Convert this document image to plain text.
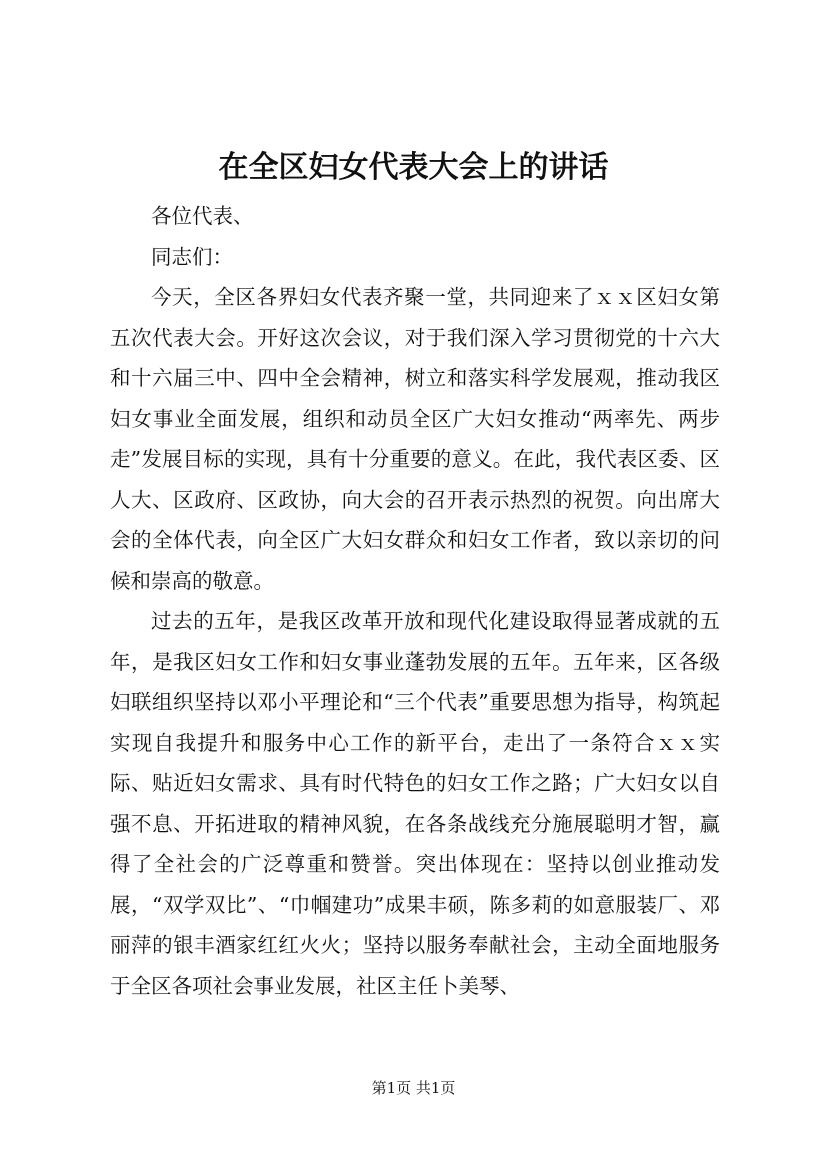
在全区妇女代表大会上的讲话

各位代表、

同志们：

今天，全区各界妇女代表齐聚一堂，共同迎来了ｘｘ区妇女第五次代表大会。开好这次会议，对于我们深入学习贯彻党的十六大和十六届三中、四中全会精神，树立和落实科学发展观，推动我区妇女事业全面发展，组织和动员全区广大妇女推动“两率先、两步走”发展目标的实现，具有十分重要的意义。在此，我代表区委、区人大、区政府、区政协，向大会的召开表示热烈的祝贺。向出席大会的全体代表，向全区广大妇女群众和妇女工作者，致以亲切的问候和崇高的敬意。

过去的五年，是我区改革开放和现代化建设取得显著成就的五年，是我区妇女工作和妇女事业蓬勃发展的五年。五年来，区各级妇联组织坚持以邓小平理论和“三个代表”重要思想为指导，构筑起实现自我提升和服务中心工作的新平台，走出了一条符合ｘｘ实际、贴近妇女需求、具有时代特色的妇女工作之路；广大妇女以自强不息、开拓进取的精神风貌，在各条战线充分施展聪明才智，赢得了全社会的广泛尊重和赞誉。突出体现在：坚持以创业推动发展，“双学双比”、“巾帼建功”成果丰硕，陈多莉的如意服装厂、邓丽萍的银丰酒家红红火火；坚持以服务奉献社会，主动全面地服务于全区各项社会事业发展，社区主任卜美琴、

第1页 共1页
